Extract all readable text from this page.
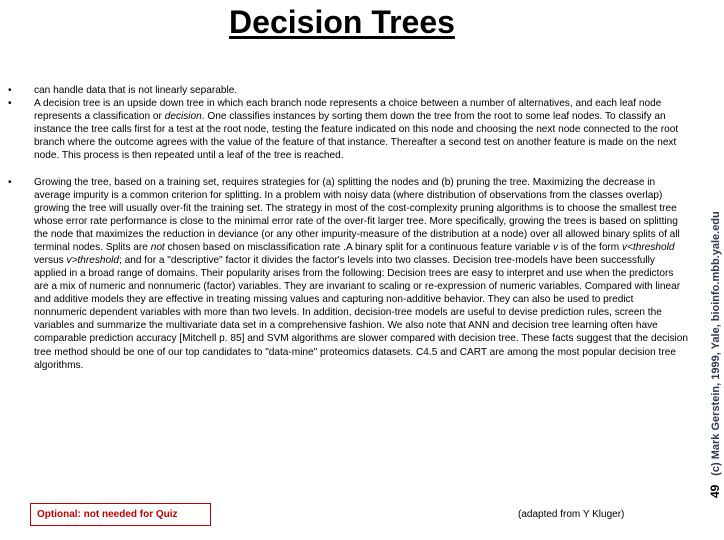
Decision Trees
• can handle data that is not linearly separable.
• A decision tree is an upside down tree in which each branch node represents a choice between a number of alternatives, and each leaf node represents a classification or decision. One classifies instances by sorting them down the tree from the root to some leaf nodes. To classify an instance the tree calls first for a test at the root node, testing the feature indicated on this node and choosing the next node connected to the root branch where the outcome agrees with the value of the feature of that instance. Thereafter a second test on another feature is made on the next node. This process is then repeated until a leaf of the tree is reached.
• Growing the tree, based on a training set, requires strategies for (a) splitting the nodes and (b) pruning the tree. Maximizing the decrease in average impurity is a common criterion for splitting. In a problem with noisy data (where distribution of observations from the classes overlap) growing the tree will usually over-fit the training set. The strategy in most of the cost-complexity pruning algorithms is to choose the smallest tree whose error rate performance is close to the minimal error rate of the over-fit larger tree. More specifically, growing the trees is based on splitting the node that maximizes the reduction in deviance (or any other impurity-measure of the distribution at a node) over all allowed binary splits of all terminal nodes. Splits are not chosen based on misclassification rate .A binary split for a continuous feature variable v is of the form v<threshold versus v>threshold; and for a "descriptive" factor it divides the factor's levels into two classes. Decision tree-models have been successfully applied in a broad range of domains. Their popularity arises from the following: Decision trees are easy to interpret and use when the predictors are a mix of numeric and nonnumeric (factor) variables. They are invariant to scaling or re-expression of numeric variables. Compared with linear and additive models they are effective in treating missing values and capturing non-additive behavior. They can also be used to predict nonnumeric dependent variables with more than two levels. In addition, decision-tree models are useful to devise prediction rules, screen the variables and summarize the multivariate data set in a comprehensive fashion. We also note that ANN and decision tree learning often have comparable prediction accuracy [Mitchell p. 85] and SVM algorithms are slower compared with decision tree. These facts suggest that the decision tree method should be one of our top candidates to "data-mine" proteomics datasets. C4.5 and CART are among the most popular decision tree algorithms.
Optional: not needed for Quiz	(adapted from Y Kluger)
49  (c) Mark Gerstein, 1999, Yale, bioinfo.mbb.yale.edu
